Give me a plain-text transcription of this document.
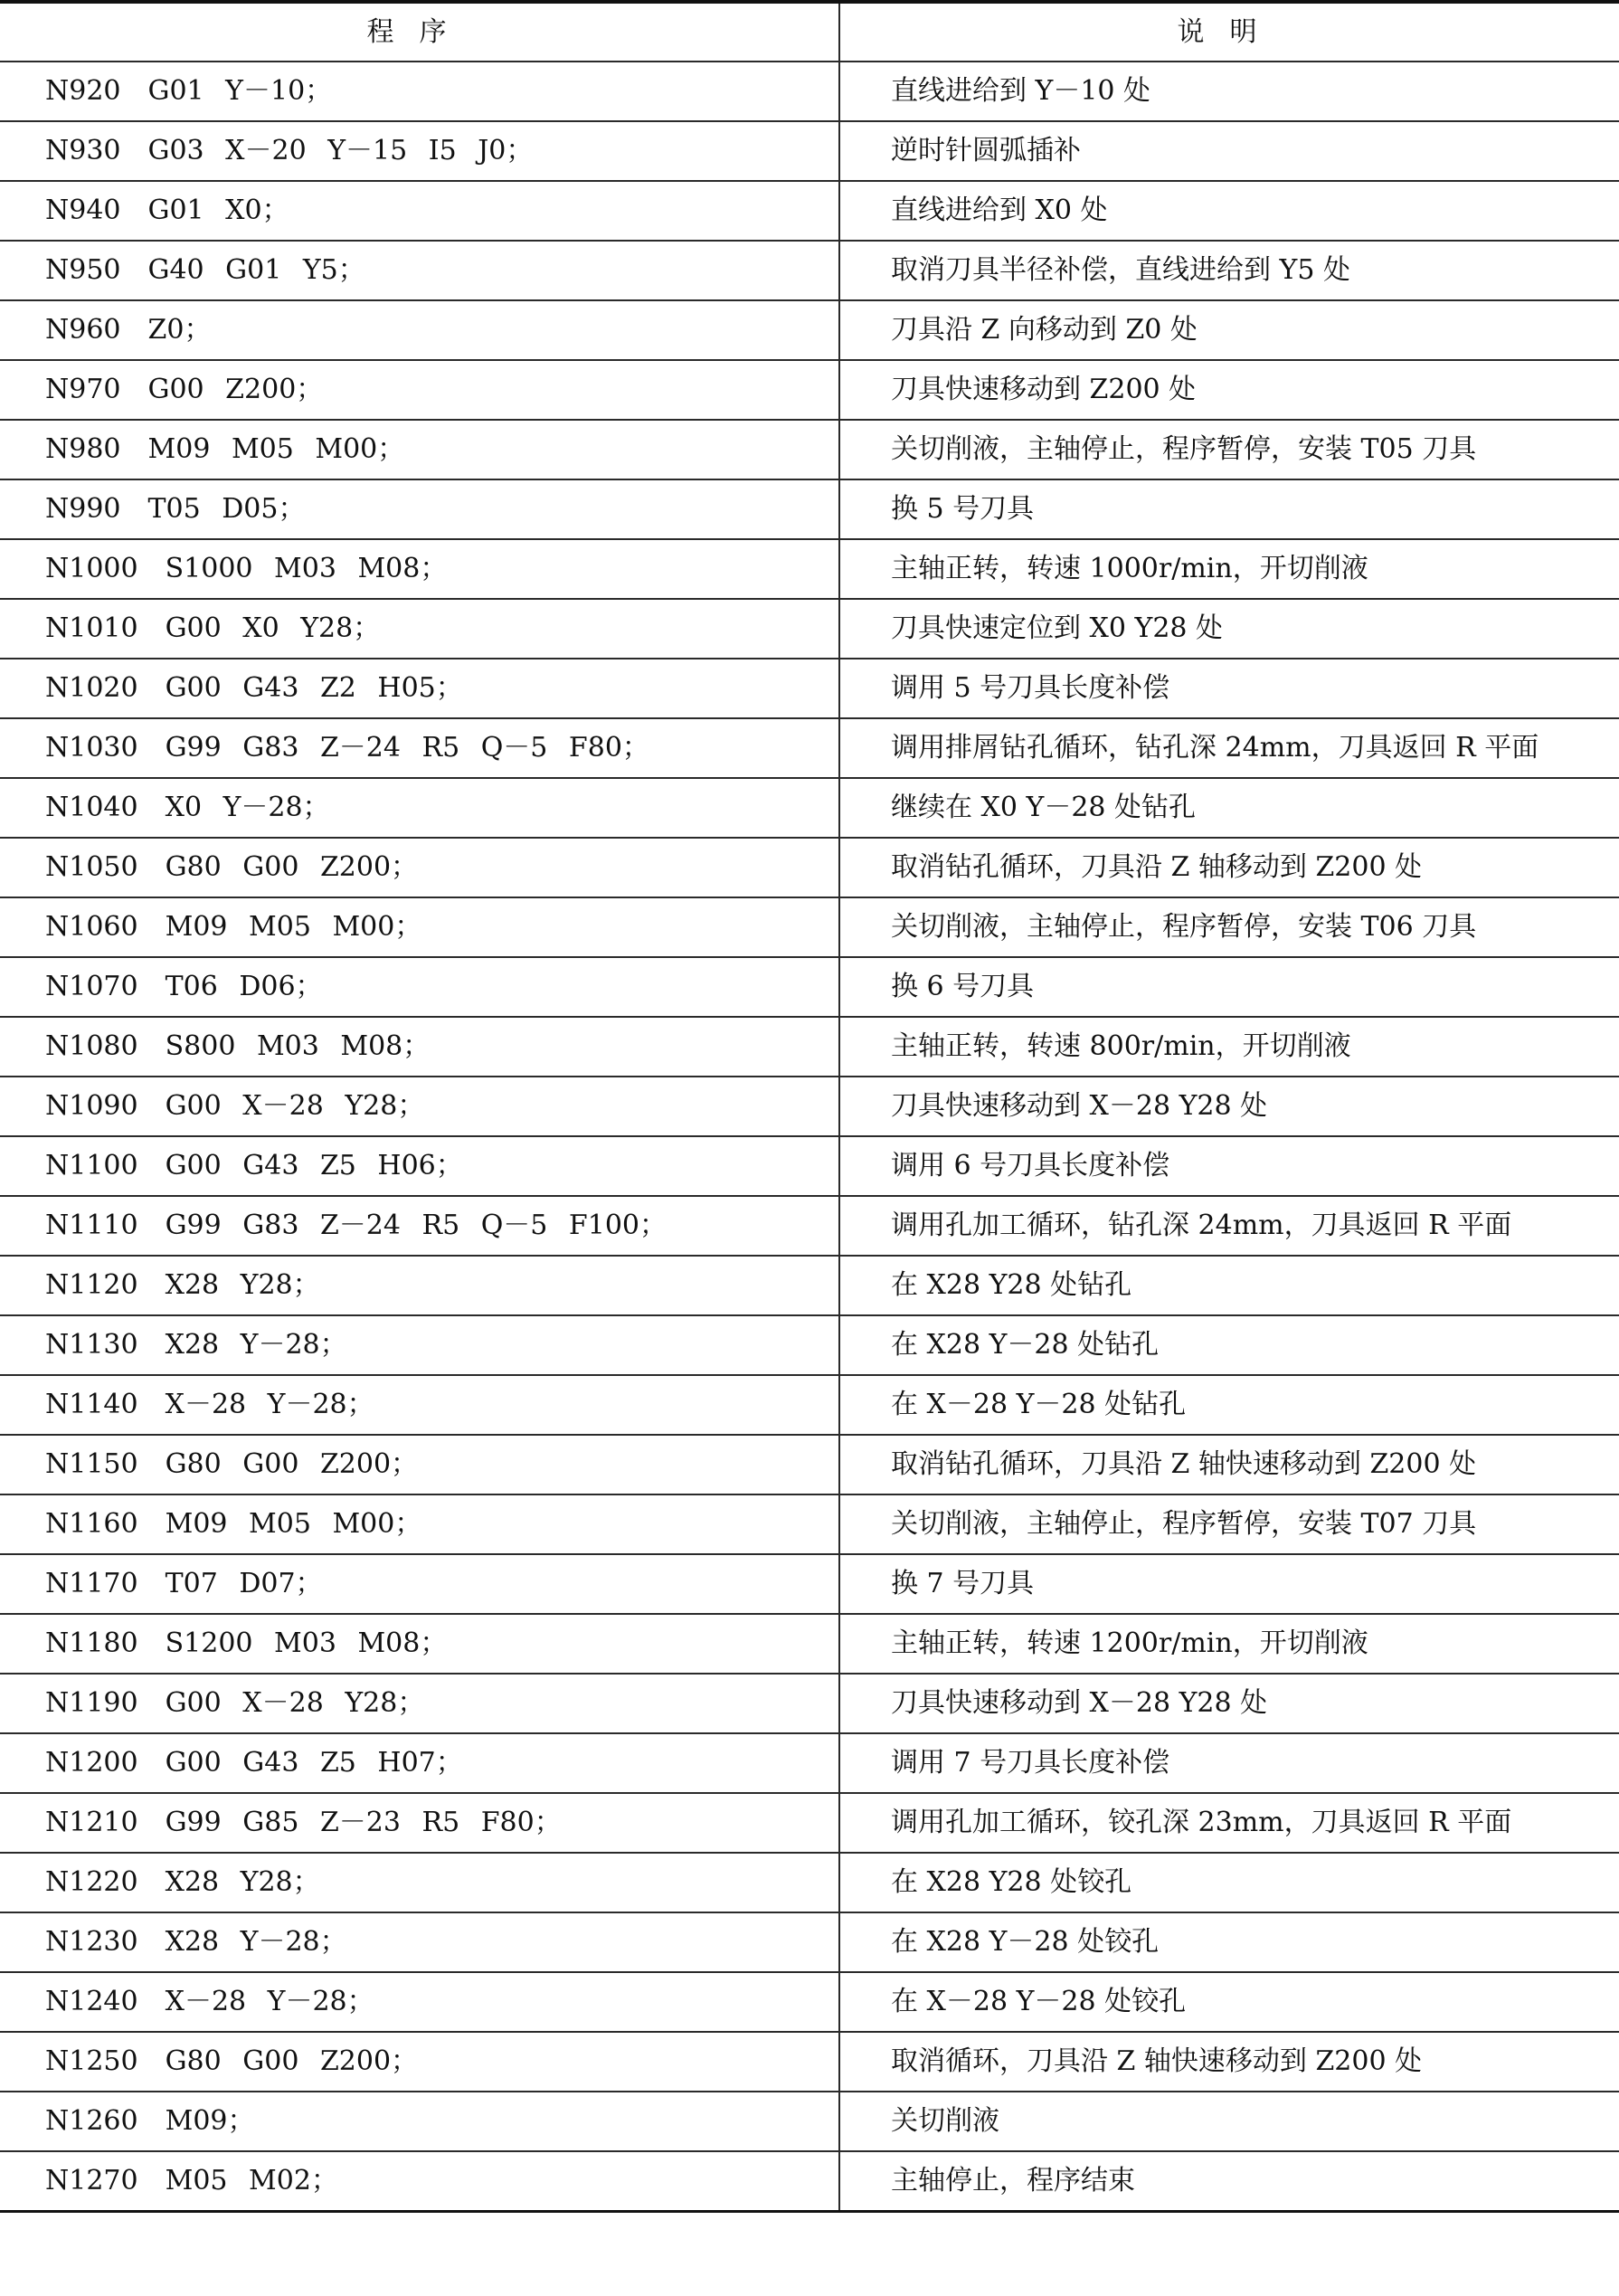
程序	说明
N920　G01 Y－10；	直线进给到 Y－10 处
N930　G03 X－20 Y－15 I5 J0；	逆时针圆弧插补
N940　G01 X0；	直线进给到 X0 处
N950　G40 G01 Y5；	取消刀具半径补偿，直线进给到 Y5 处
N960　Z0；	刀具沿 Z 向移动到 Z0 处
N970　G00 Z200；	刀具快速移动到 Z200 处
N980　M09 M05 M00；	关切削液，主轴停止，程序暂停，安装 T05 刀具
N990　T05 D05；	换 5 号刀具
N1000　S1000 M03 M08；	主轴正转，转速 1000r/min，开切削液
N1010　G00 X0 Y28；	刀具快速定位到 X0 Y28 处
N1020　G00 G43 Z2 H05；	调用 5 号刀具长度补偿
N1030　G99 G83 Z－24 R5 Q－5 F80；	调用排屑钻孔循环，钻孔深 24mm，刀具返回 R 平面
N1040　X0 Y－28；	继续在 X0 Y－28 处钻孔
N1050　G80 G00 Z200；	取消钻孔循环，刀具沿 Z 轴移动到 Z200 处
N1060　M09 M05 M00；	关切削液，主轴停止，程序暂停，安装 T06 刀具
N1070　T06 D06；	换 6 号刀具
N1080　S800 M03 M08；	主轴正转，转速 800r/min，开切削液
N1090　G00 X－28 Y28；	刀具快速移动到 X－28 Y28 处
N1100　G00 G43 Z5 H06；	调用 6 号刀具长度补偿
N1110　G99 G83 Z－24 R5 Q－5 F100；	调用孔加工循环，钻孔深 24mm，刀具返回 R 平面
N1120　X28 Y28；	在 X28 Y28 处钻孔
N1130　X28 Y－28；	在 X28 Y－28 处钻孔
N1140　X－28 Y－28；	在 X－28 Y－28 处钻孔
N1150　G80 G00 Z200；	取消钻孔循环，刀具沿 Z 轴快速移动到 Z200 处
N1160　M09 M05 M00；	关切削液，主轴停止，程序暂停，安装 T07 刀具
N1170　T07 D07；	换 7 号刀具
N1180　S1200 M03 M08；	主轴正转，转速 1200r/min，开切削液
N1190　G00 X－28 Y28；	刀具快速移动到 X－28 Y28 处
N1200　G00 G43 Z5 H07；	调用 7 号刀具长度补偿
N1210　G99 G85 Z－23 R5 F80；	调用孔加工循环，铰孔深 23mm，刀具返回 R 平面
N1220　X28 Y28；	在 X28 Y28 处铰孔
N1230　X28 Y－28；	在 X28 Y－28 处铰孔
N1240　X－28 Y－28；	在 X－28 Y－28 处铰孔
N1250　G80 G00 Z200；	取消循环，刀具沿 Z 轴快速移动到 Z200 处
N1260　M09；	关切削液
N1270　M05 M02；	主轴停止，程序结束
